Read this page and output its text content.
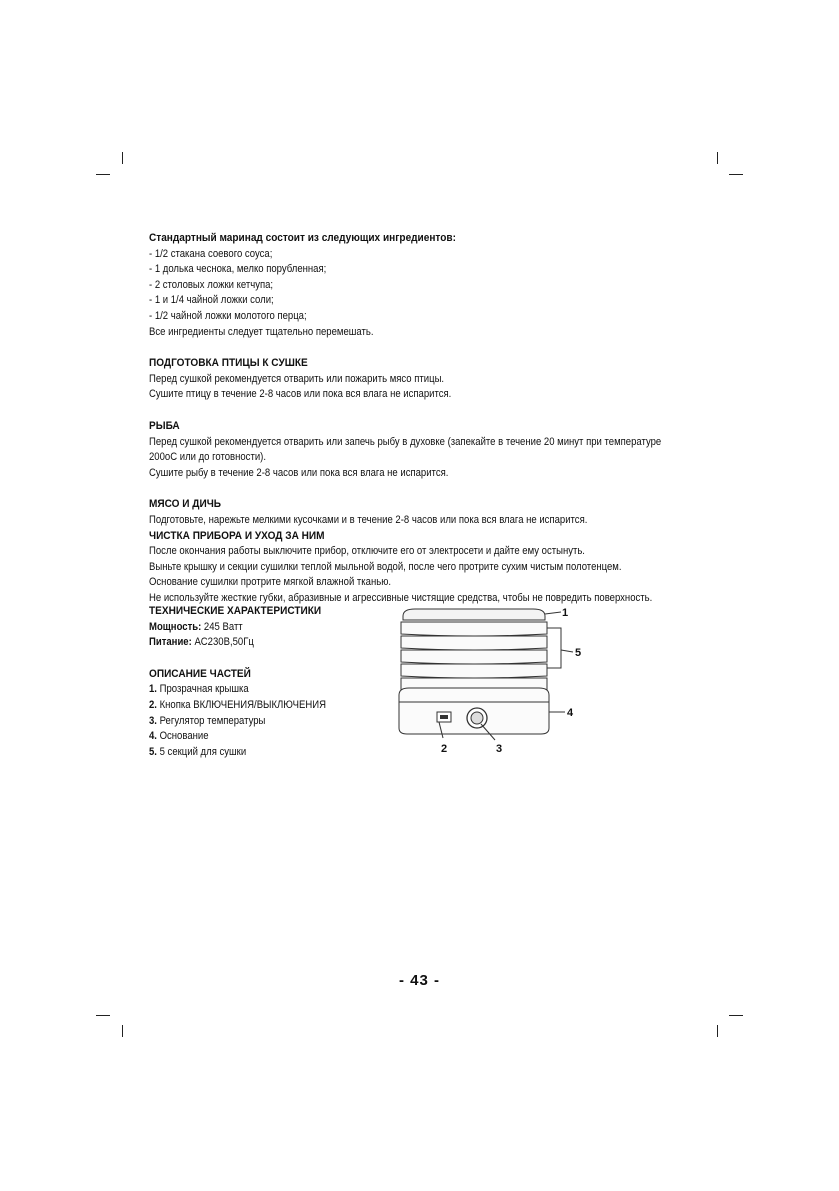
Стандартный маринад состоит из следующих ингредиентов:

- 1/2 стакана соевого соуса;

- 1 долька чеснока, мелко порубленная;

- 2 столовых ложки кетчупа;

- 1 и 1/4 чайной ложки соли;

- 1/2 чайной ложки молотого перца;

Все ингредиенты следует тщательно перемешать.

ПОДГОТОВКА ПТИЦЫ К СУШКЕ

Перед сушкой рекомендуется отварить или пожарить мясо птицы.

Сушите птицу в течение 2-8 часов или пока вся влага не испарится.

РЫБА

Перед сушкой рекомендуется отварить или запечь рыбу в духовке (запекайте в течение 20 минут при температуре

200оС или до готовности).

Сушите рыбу в течение 2-8 часов или пока вся влага не испарится.

МЯСО И ДИЧЬ

Подготовьте, нарежьте мелкими кусочками и в течение 2-8 часов или пока вся влага не испарится.

ЧИСТКА ПРИБОРА И УХОД ЗА НИМ

После окончания работы выключите прибор, отключите его от электросети и дайте ему остынуть.

Выньте крышку и секции сушилки теплой мыльной водой, после чего протрите сухим чистым полотенцем.

Основание сушилки протрите мягкой влажной тканью.

Не используйте жесткие губки, абразивные и агрессивные чистящие средства, чтобы не повредить поверхность.

ТЕХНИЧЕСКИЕ ХАРАКТЕРИСТИКИ

Мощность: 245 Ватт

Питание: AC230В,50Гц

ОПИСАНИЕ ЧАСТЕЙ

1. Прозрачная крышка

2. Кнопка ВКЛЮЧЕНИЯ/ВЫКЛЮЧЕНИЯ

3. Регулятор температуры

4. Основание

5. 5 секций для сушки

1
5
4
2	3
- 43 -
